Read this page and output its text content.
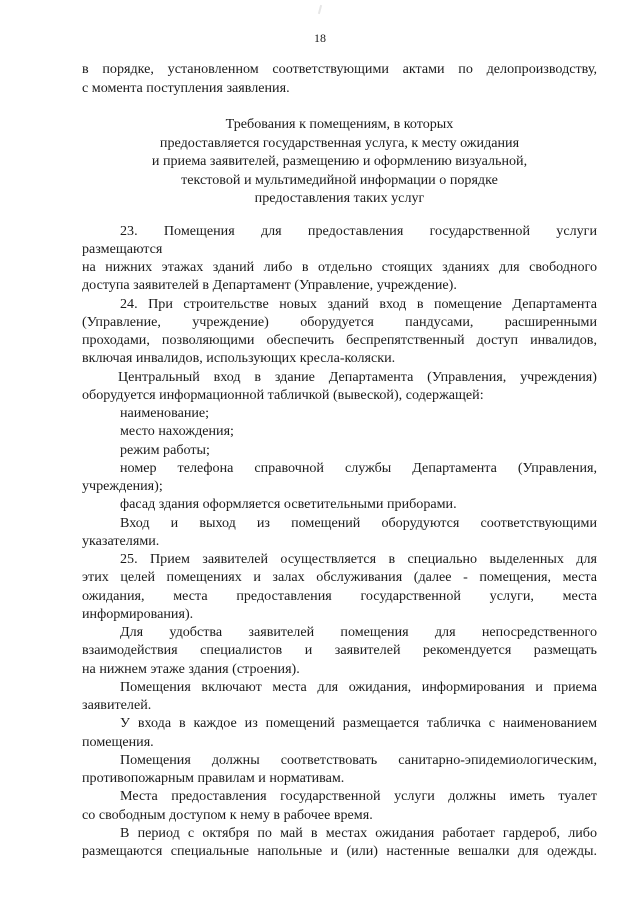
18
в порядке, установленном соответствующими актами по делопроизводству,
с момента поступления заявления.
Требования к помещениям, в которых
предоставляется государственная услуга, к месту ожидания
и приема заявителей, размещению и оформлению визуальной,
текстовой и мультимедийной информации о порядке
предоставления таких услуг
23. Помещения для предоставления государственной услуги
размещаются
на нижних этажах зданий либо в отдельно стоящих зданиях для свободного
доступа заявителей в Департамент (Управление, учреждение).
24. При строительстве новых зданий вход в помещение Департамента
(Управление, учреждение) оборудуется пандусами, расширенными
проходами, позволяющими обеспечить беспрепятственный доступ инвалидов,
включая инвалидов, использующих кресла-коляски.
Центральный вход в здание Департамента (Управления, учреждения)
оборудуется информационной табличкой (вывеской), содержащей:
наименование;
место нахождения;
режим работы;
номер телефона справочной службы Департамента (Управления,
учреждения);
фасад здания оформляется осветительными приборами.
Вход и выход из помещений оборудуются соответствующими
указателями.
25. Прием заявителей осуществляется в специально выделенных для
этих целей помещениях и залах обслуживания (далее - помещения, места
ожидания, места предоставления государственной услуги, места
информирования).
Для удобства заявителей помещения для непосредственного
взаимодействия специалистов и заявителей рекомендуется размещать
на нижнем этаже здания (строения).
Помещения включают места для ожидания, информирования и приема
заявителей.
У входа в каждое из помещений размещается табличка с наименованием
помещения.
Помещения должны соответствовать санитарно-эпидемиологическим,
противопожарным правилам и нормативам.
Места предоставления государственной услуги должны иметь туалет
со свободным доступом к нему в рабочее время.
В период с октября по май в местах ожидания работает гардероб, либо
размещаются специальные напольные и (или) настенные вешалки для одежды.
